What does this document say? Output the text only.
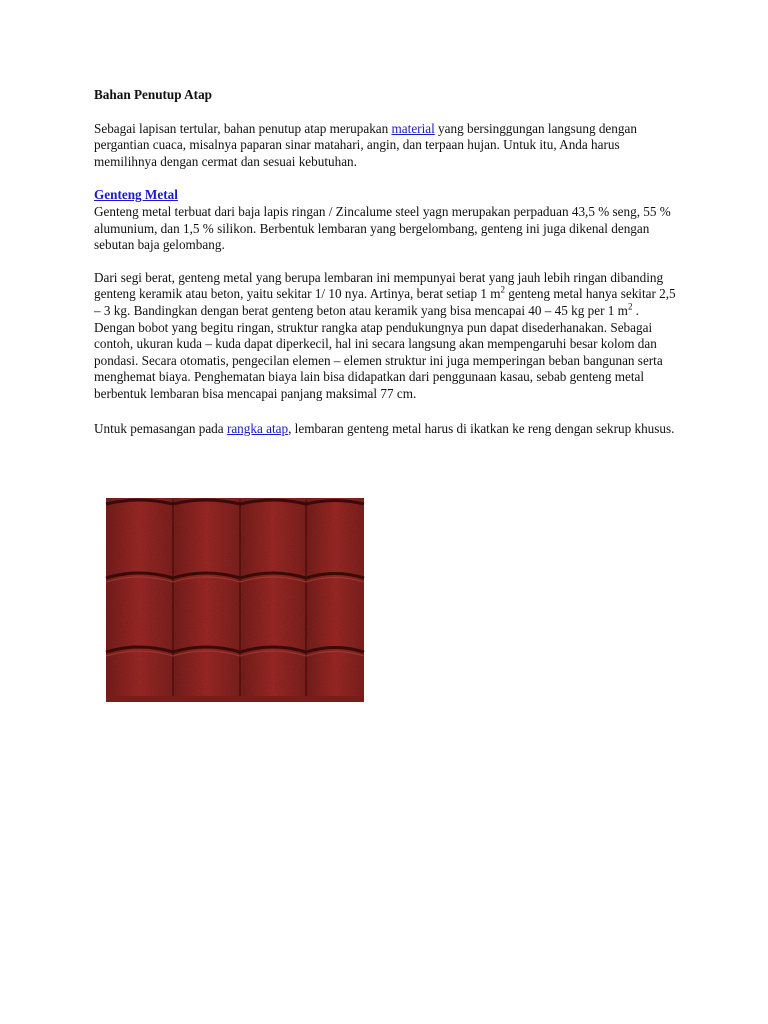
Bahan Penutup Atap

Sebagai lapisan tertular, bahan penutup atap merupakan material yang bersinggungan langsung dengan pergantian cuaca, misalnya paparan sinar matahari, angin, dan terpaan hujan. Untuk itu, Anda harus memilihnya dengan cermat dan sesuai kebutuhan.

Genteng Metal

Genteng metal terbuat dari baja lapis ringan / Zincalume steel yagn merupakan perpaduan 43,5 % seng, 55 % alumunium, dan 1,5 % silikon. Berbentuk lembaran yang bergelombang, genteng ini juga dikenal dengan sebutan baja gelombang.

Dari segi berat, genteng metal yang berupa lembaran ini mempunyai berat yang jauh lebih ringan dibanding genteng keramik atau beton, yaitu sekitar 1/ 10 nya. Artinya, berat setiap 1 $m^2$ genteng metal hanya sekitar 2,5 – 3 kg. Bandingkan dengan berat genteng beton atau keramik yang bisa mencapai 40 – 45 kg per 1 $m^2$ . Dengan bobot yang begitu ringan, struktur rangka atap pendukungnya pun dapat disederhanakan. Sebagai contoh, ukuran kuda – kuda dapat diperkecil, hal ini secara langsung akan mempengaruhi besar kolom dan pondasi. Secara otomatis, pengecilan elemen – elemen struktur ini juga memperingan beban bangunan serta menghemat biaya. Penghematan biaya lain bisa didapatkan dari penggunaan kasau, sebab genteng metal berbentuk lembaran bisa mencapai panjang maksimal 77 cm.

Untuk pemasangan pada rangka atap, lembaran genteng metal harus di ikatkan ke reng dengan sekrup khusus.
